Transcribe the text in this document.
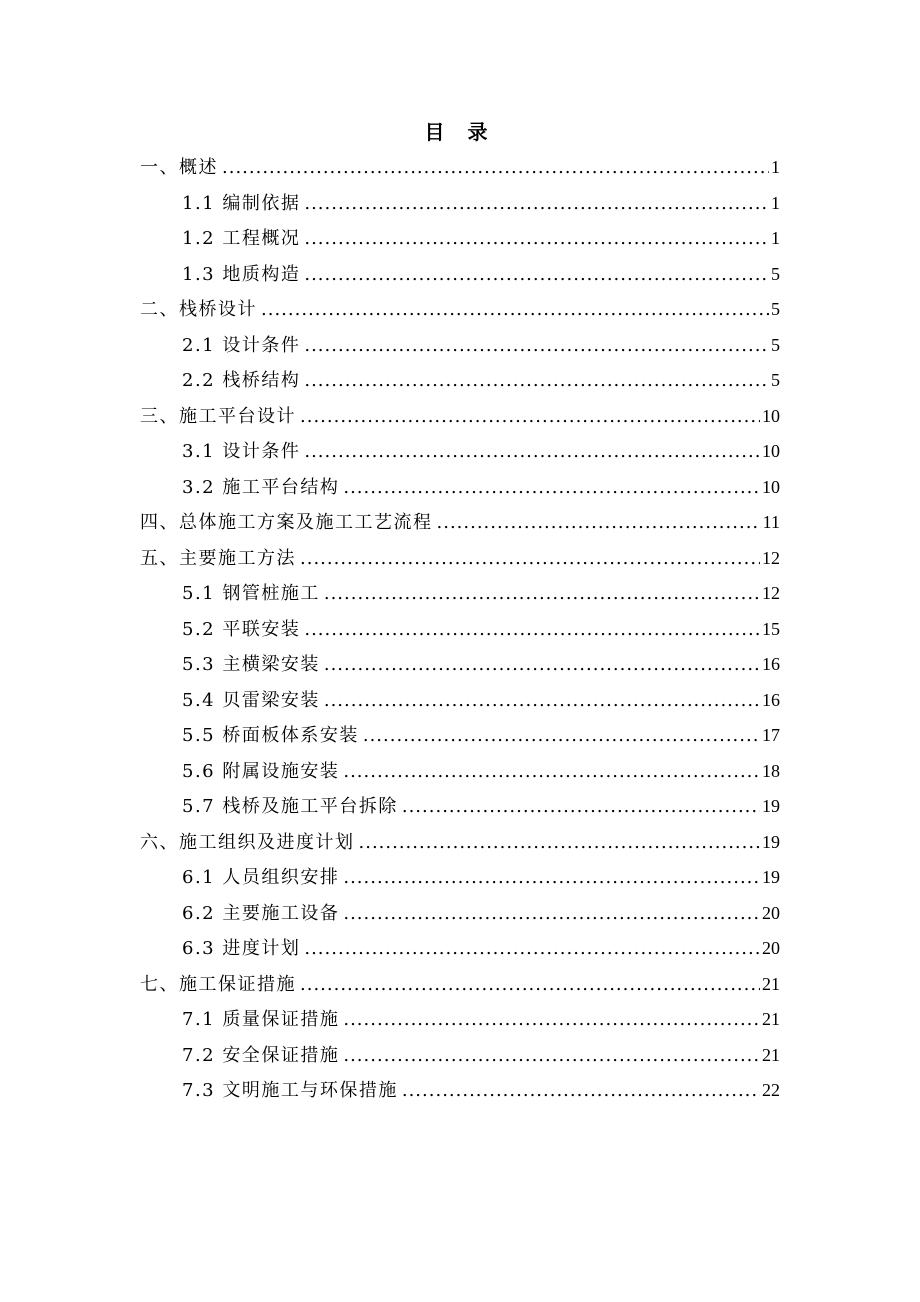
目 录
一、概述 .....	1
1.1 编制依据 .....	1
1.2 工程概况 .....	1
1.3 地质构造 .....	5
二、栈桥设计 .....	5
2.1 设计条件 .....	5
2.2 栈桥结构 .....	5
三、施工平台设计 .....	10
3.1 设计条件 .....	10
3.2 施工平台结构 .....	10
四、总体施工方案及施工工艺流程 .....	11
五、主要施工方法 .....	12
5.1 钢管桩施工 .....	12
5.2 平联安装 .....	15
5.3 主横梁安装 .....	16
5.4 贝雷梁安装 .....	16
5.5 桥面板体系安装 .....	17
5.6 附属设施安装 .....	18
5.7 栈桥及施工平台拆除 .....	19
六、施工组织及进度计划 .....	19
6.1 人员组织安排 .....	19
6.2 主要施工设备 .....	20
6.3 进度计划 .....	20
七、施工保证措施 .....	21
7.1 质量保证措施 .....	21
7.2 安全保证措施 .....	21
7.3 文明施工与环保措施 .....	22
